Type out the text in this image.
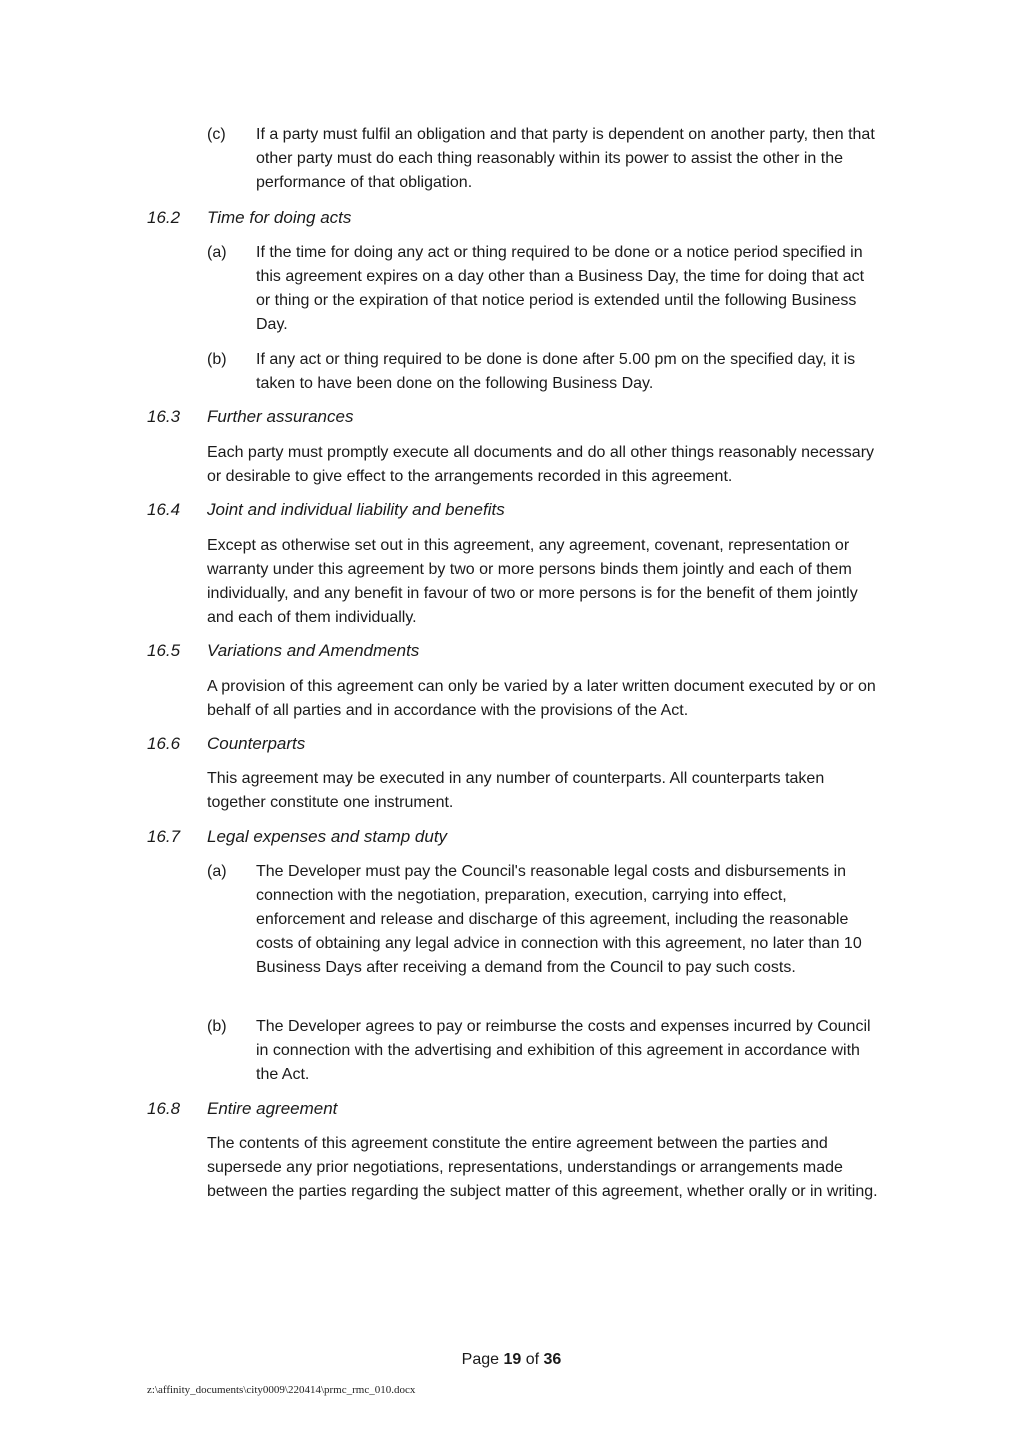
(c) If a party must fulfil an obligation and that party is dependent on another party, then that other party must do each thing reasonably within its power to assist the other in the performance of that obligation.
16.2 Time for doing acts
(a) If the time for doing any act or thing required to be done or a notice period specified in this agreement expires on a day other than a Business Day, the time for doing that act or thing or the expiration of that notice period is extended until the following Business Day.
(b) If any act or thing required to be done is done after 5.00 pm on the specified day, it is taken to have been done on the following Business Day.
16.3 Further assurances
Each party must promptly execute all documents and do all other things reasonably necessary or desirable to give effect to the arrangements recorded in this agreement.
16.4 Joint and individual liability and benefits
Except as otherwise set out in this agreement, any agreement, covenant, representation or warranty under this agreement by two or more persons binds them jointly and each of them individually, and any benefit in favour of two or more persons is for the benefit of them jointly and each of them individually.
16.5 Variations and Amendments
A provision of this agreement can only be varied by a later written document executed by or on behalf of all parties and in accordance with the provisions of the Act.
16.6 Counterparts
This agreement may be executed in any number of counterparts. All counterparts taken together constitute one instrument.
16.7 Legal expenses and stamp duty
(a) The Developer must pay the Council's reasonable legal costs and disbursements in connection with the negotiation, preparation, execution, carrying into effect, enforcement and release and discharge of this agreement, including the reasonable costs of obtaining any legal advice in connection with this agreement, no later than 10 Business Days after receiving a demand from the Council to pay such costs.
(b) The Developer agrees to pay or reimburse the costs and expenses incurred by Council in connection with the advertising and exhibition of this agreement in accordance with the Act.
16.8 Entire agreement
The contents of this agreement constitute the entire agreement between the parties and supersede any prior negotiations, representations, understandings or arrangements made between the parties regarding the subject matter of this agreement, whether orally or in writing.
Page 19 of 36
z:\affinity_documents\city0009\220414\prmc_rmc_010.docx
